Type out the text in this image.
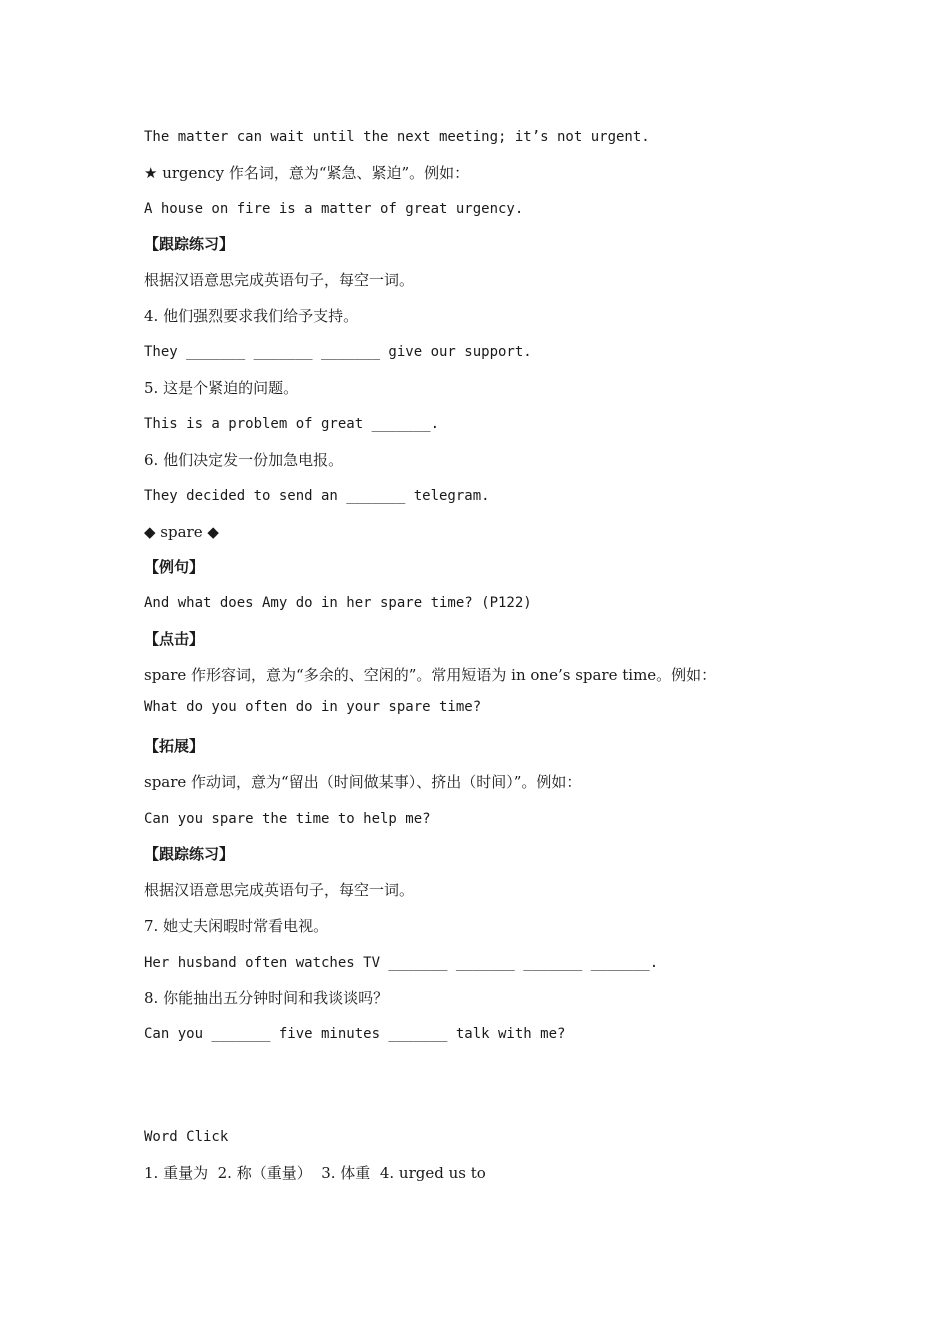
The matter can wait until the next meeting; it’s not urgent.
★ urgency 作名词，意为“紧急、紧迫”。例如：
A house on fire is a matter of great urgency.
【跟踪练习】
根据汉语意思完成英语句子，每空一词。
4. 他们强烈要求我们给予支持。
They _______ _______ _______ give our support.
5. 这是个紧迫的问题。
This is a problem of great _______.
6. 他们决定发一份加急电报。
They decided to send an _______ telegram.
◆ spare ◆
【例句】
And what does Amy do in her spare time? (P122)
【点击】
spare 作形容词，意为“多余的、空闲的”。常用短语为 in one’s spare time。例如：
What do you often do in your spare time?
【拓展】
spare 作动词，意为“留出（时间做某事）、挤出（时间）”。例如：
Can you spare the time to help me?
【跟踪练习】
根据汉语意思完成英语句子，每空一词。
7. 她丈夫闲暇时常看电视。
Her husband often watches TV _______ _______ _______ _______.
8. 你能抽出五分钟时间和我谈谈吗？
Can you _______ five minutes _______ talk with me?
Word Click
1. 重量为  2. 称（重量）  3. 体重  4. urged us to
